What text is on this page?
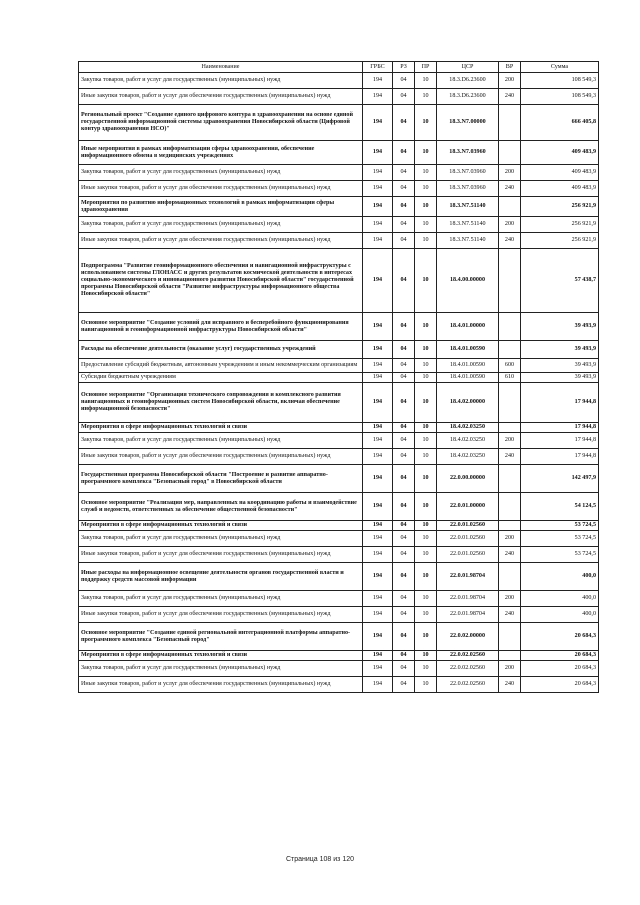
Наименование	ГРБС	РЗ	ПР	ЦСР	ВР	Сумма
Закупка товаров, работ и услуг для государственных (муниципальных) нужд	194	04	10	18.3.D6.23600	200	108 549,3
Иные закупки товаров, работ и услуг для обеспечения государственных (муниципальных) нужд	194	04	10	18.3.D6.23600	240	108 549,3
Региональный проект "Создание единого цифрового контура в здравоохранении на основе единой государственной информационной системы здравоохранения Новосибирской области (Цифровой контур здравоохранения НСО)"	194	04	10	18.3.N7.00000		666 405,8
Иные мероприятия в рамках информатизации сферы здравоохранения, обеспечение информационного обмена в медицинских учреждениях	194	04	10	18.3.N7.03960		409 483,9
Закупка товаров, работ и услуг для государственных (муниципальных) нужд	194	04	10	18.3.N7.03960	200	409 483,9
Иные закупки товаров, работ и услуг для обеспечения государственных (муниципальных) нужд	194	04	10	18.3.N7.03960	240	409 483,9
Мероприятия по развитию информационных технологий в рамках информатизации сферы здравоохранения	194	04	10	18.3.N7.51140		256 921,9
Закупка товаров, работ и услуг для государственных (муниципальных) нужд	194	04	10	18.3.N7.51140	200	256 921,9
Иные закупки товаров, работ и услуг для обеспечения государственных (муниципальных) нужд	194	04	10	18.3.N7.51140	240	256 921,9
Подпрограмма "Развитие геоинформационного обеспечения и навигационной инфраструктуры с использованием системы ГЛОНАСС и других результатов космической деятельности в интересах социально-экономического и инновационного развития Новосибирской области" государственной программы Новосибирской области "Развитие инфраструктуры информационного общества Новосибирской области"	194	04	10	18.4.00.00000		57 438,7
Основное мероприятие "Создание условий для исправного и бесперебойного функционирования навигационной и геоинформационной инфраструктуры Новосибирской области"	194	04	10	18.4.01.00000		39 493,9
Расходы на обеспечение деятельности (оказание услуг) государственных учреждений	194	04	10	18.4.01.00590		39 493,9
Предоставление субсидий бюджетным, автономным учреждениям и иным некоммерческим организациям	194	04	10	18.4.01.00590	600	39 493,9
Субсидии бюджетным учреждениям	194	04	10	18.4.01.00590	610	39 493,9
Основное мероприятие "Организация технического сопровождения и комплексного развития навигационных и геоинформационных систем Новосибирской области, включая обеспечение информационной безопасности"	194	04	10	18.4.02.00000		17 944,8
Мероприятия в сфере информационных технологий и связи	194	04	10	18.4.02.03250		17 944,8
Закупка товаров, работ и услуг для государственных (муниципальных) нужд	194	04	10	18.4.02.03250	200	17 944,8
Иные закупки товаров, работ и услуг для обеспечения государственных (муниципальных) нужд	194	04	10	18.4.02.03250	240	17 944,8
Государственная программа Новосибирской области "Построение и развитие аппаратно-программного комплекса "Безопасный город" в Новосибирской области	194	04	10	22.0.00.00000		142 497,9
Основное мероприятие "Реализация мер, направленных на координацию работы и взаимодействие служб и ведомств, ответственных за обеспечение общественной безопасности"	194	04	10	22.0.01.00000		54 124,5
Мероприятия в сфере информационных технологий и связи	194	04	10	22.0.01.02560		53 724,5
Закупка товаров, работ и услуг для государственных (муниципальных) нужд	194	04	10	22.0.01.02560	200	53 724,5
Иные закупки товаров, работ и услуг для обеспечения государственных (муниципальных) нужд	194	04	10	22.0.01.02560	240	53 724,5
Иные расходы на информационное освещение деятельности органов государственной власти и поддержку средств массовой информации	194	04	10	22.0.01.98704		400,0
Закупка товаров, работ и услуг для государственных (муниципальных) нужд	194	04	10	22.0.01.98704	200	400,0
Иные закупки товаров, работ и услуг для обеспечения государственных (муниципальных) нужд	194	04	10	22.0.01.98704	240	400,0
Основное мероприятие "Создание единой региональной интеграционной платформы аппаратно-программного комплекса "Безопасный город"	194	04	10	22.0.02.00000		20 684,3
Мероприятия в сфере информационных технологий и связи	194	04	10	22.0.02.02560		20 684,3
Закупка товаров, работ и услуг для государственных (муниципальных) нужд	194	04	10	22.0.02.02560	200	20 684,3
Иные закупки товаров, работ и услуг для обеспечения государственных (муниципальных) нужд	194	04	10	22.0.02.02560	240	20 684,3
Страница 108 из 120
